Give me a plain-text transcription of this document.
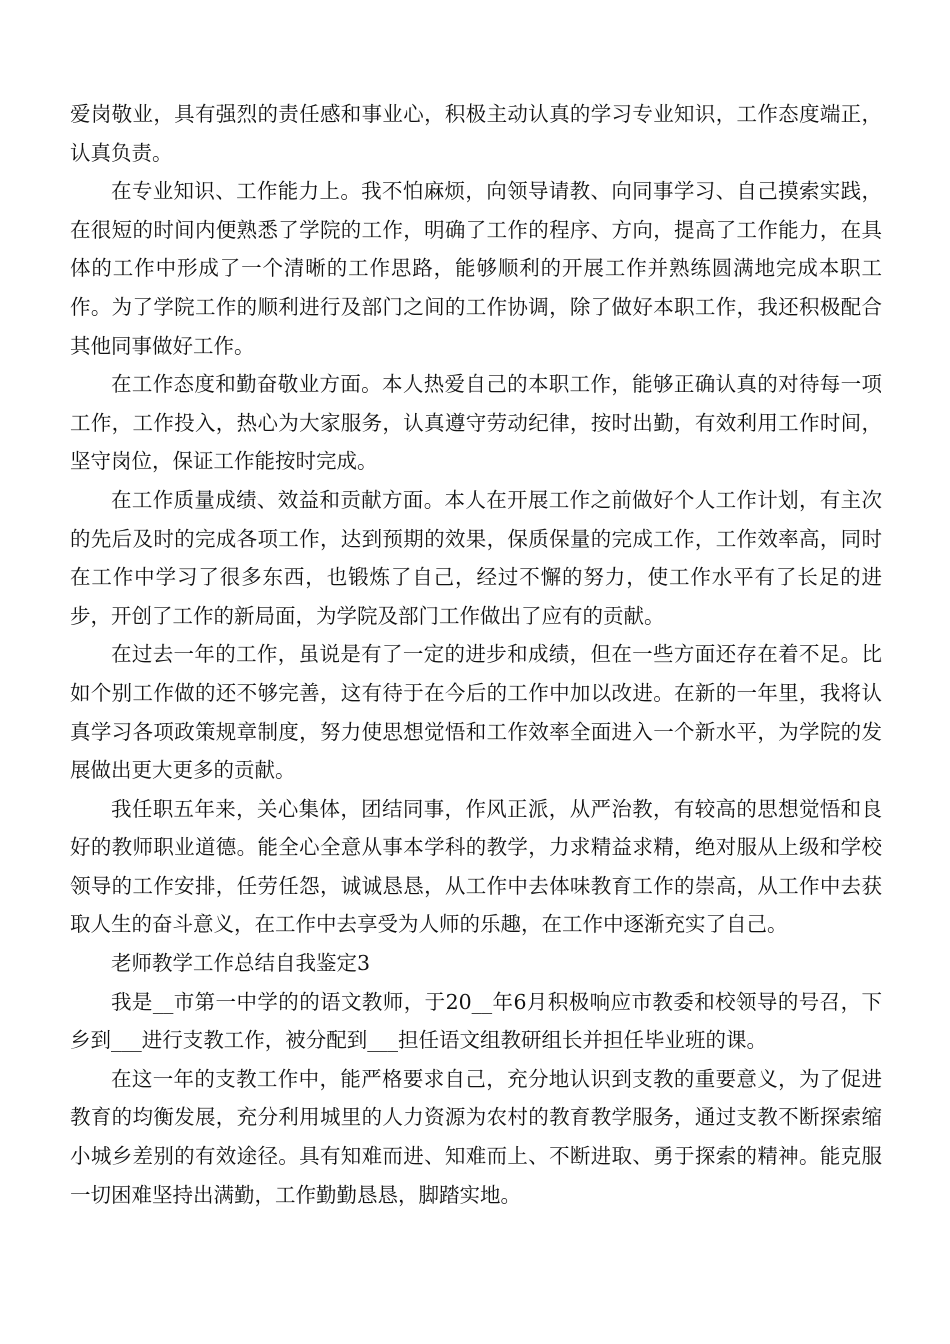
爱岗敬业，具有强烈的责任感和事业心，积极主动认真的学习专业知识，工作态度端正，认真负责。

在专业知识、工作能力上。我不怕麻烦，向领导请教、向同事学习、自己摸索实践，在很短的时间内便熟悉了学院的工作，明确了工作的程序、方向，提高了工作能力，在具体的工作中形成了一个清晰的工作思路，能够顺利的开展工作并熟练圆满地完成本职工作。为了学院工作的顺利进行及部门之间的工作协调，除了做好本职工作，我还积极配合其他同事做好工作。

在工作态度和勤奋敬业方面。本人热爱自己的本职工作，能够正确认真的对待每一项工作，工作投入，热心为大家服务，认真遵守劳动纪律，按时出勤，有效利用工作时间，坚守岗位，保证工作能按时完成。

在工作质量成绩、效益和贡献方面。本人在开展工作之前做好个人工作计划，有主次的先后及时的完成各项工作，达到预期的效果，保质保量的完成工作，工作效率高，同时在工作中学习了很多东西，也锻炼了自己，经过不懈的努力，使工作水平有了长足的进步，开创了工作的新局面，为学院及部门工作做出了应有的贡献。

在过去一年的工作，虽说是有了一定的进步和成绩，但在一些方面还存在着不足。比如个别工作做的还不够完善，这有待于在今后的工作中加以改进。在新的一年里，我将认真学习各项政策规章制度，努力使思想觉悟和工作效率全面进入一个新水平，为学院的发展做出更大更多的贡献。

我任职五年来，关心集体，团结同事，作风正派，从严治教，有较高的思想觉悟和良好的教师职业道德。能全心全意从事本学科的教学，力求精益求精，绝对服从上级和学校领导的工作安排，任劳任怨，诚诚恳恳，从工作中去体味教育工作的崇高，从工作中去获取人生的奋斗意义，在工作中去享受为人师的乐趣，在工作中逐渐充实了自己。

老师教学工作总结自我鉴定3

我是__市第一中学的的语文教师，于20__年6月积极响应市教委和校领导的号召，下乡到___进行支教工作，被分配到___担任语文组教研组长并担任毕业班的课。

在这一年的支教工作中，能严格要求自己，充分地认识到支教的重要意义，为了促进教育的均衡发展，充分利用城里的人力资源为农村的教育教学服务，通过支教不断探索缩小城乡差别的有效途径。具有知难而进、知难而上、不断进取、勇于探索的精神。能克服一切困难坚持出满勤，工作勤勤恳恳，脚踏实地。
